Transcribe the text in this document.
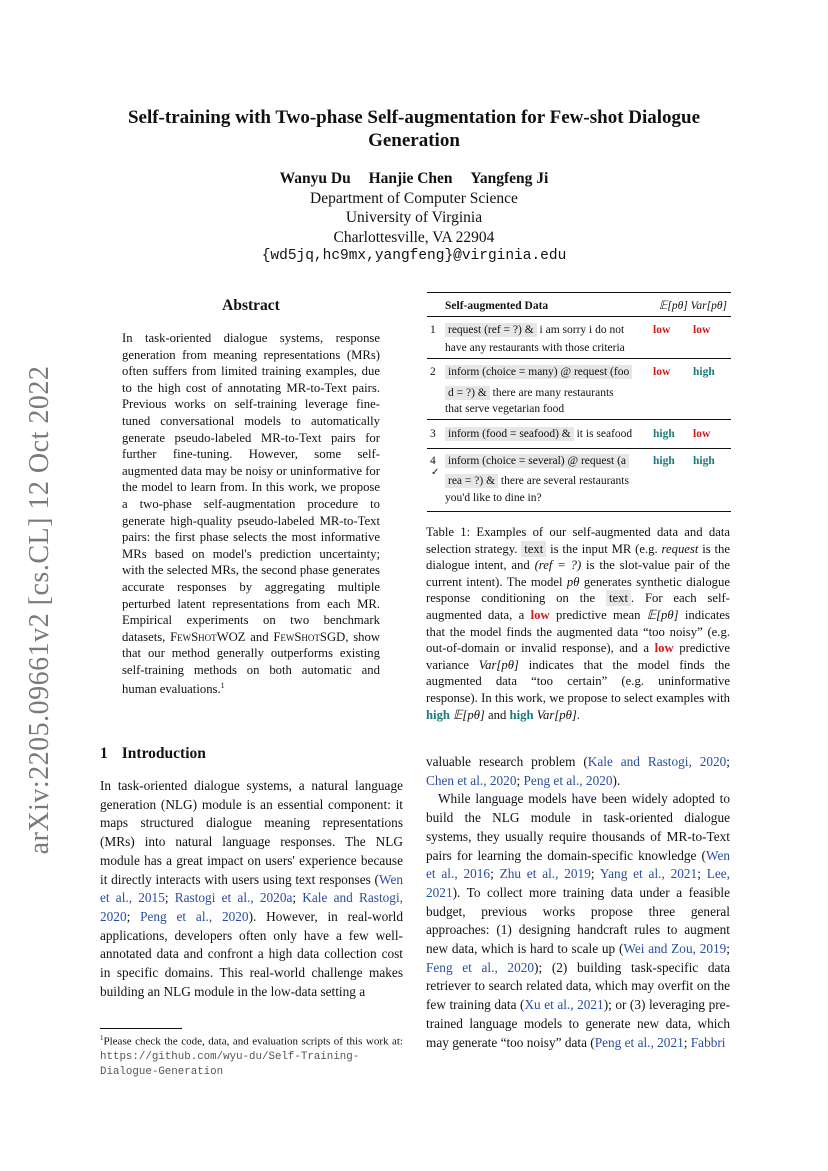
arXiv:2205.09661v2 [cs.CL] 12 Oct 2022
Self-training with Two-phase Self-augmentation for Few-shot Dialogue Generation
Wanyu Du Hanjie Chen Yangfeng Ji
Department of Computer Science
University of Virginia
Charlottesville, VA 22904
{wd5jq,hc9mx,yangfeng}@virginia.edu
Abstract
In task-oriented dialogue systems, response generation from meaning representations (MRs) often suffers from limited training examples, due to the high cost of annotating MR-to-Text pairs. Previous works on self-training leverage fine-tuned conversational models to automatically generate pseudo-labeled MR-to-Text pairs for further fine-tuning. However, some self-augmented data may be noisy or uninformative for the model to learn from. In this work, we propose a two-phase self-augmentation procedure to generate high-quality pseudo-labeled MR-to-Text pairs: the first phase selects the most informative MRs based on model's prediction uncertainty; with the selected MRs, the second phase generates accurate responses by aggregating multiple perturbed latent representations from each MR. Empirical experiments on two benchmark datasets, FewShotWOZ and FewShotSGD, show that our method generally outperforms existing self-training methods on both automatic and human evaluations.$^1$
Self-augmented Data	𝔼[pθ] Var[pθ]
1 request (ref = ?) & i am sorry i do not	low low
have any restaurants with those criteria
2 inform (choice = many) @ request (foo	low high
d = ?) & there are many restaurants
that serve vegetarian food
3 inform (food = seafood) & it is seafood	high low
4
✓
inform (choice = several) @ request (a	high high
rea = ?) & there are several restaurants
you'd like to dine in?
Table 1: Examples of our self-augmented data and data selection strategy. text is the input MR (e.g. request is the dialogue intent, and (ref = ?) is the slot-value pair of the current intent). The model pθ generates synthetic dialogue response conditioning on the text . For each self-augmented data, a low predictive mean 𝔼[pθ] indicates that the model finds the augmented data “too noisy” (e.g. out-of-domain or invalid response), and a low predictive variance Var[pθ] indicates that the model finds the augmented data “too certain” (e.g. uninformative response). In this work, we propose to select examples with high 𝔼[pθ] and high Var[pθ].
1 Introduction

In task-oriented dialogue systems, a natural language generation (NLG) module is an essential component: it maps structured dialogue meaning representations (MRs) into natural language responses. The NLG module has a great impact on users' experience because it directly interacts with users using text responses (Wen et al., 2015; Rastogi et al., 2020a; Kale and Rastogi, 2020; Peng et al., 2020). However, in real-world applications, developers often only have a few well-annotated data and confront a high data collection cost in specific domains. This real-world challenge makes building an NLG module in the low-data setting a

$^1$Please check the code, data, and evaluation scripts of this work at: https://github.com/wyu-du/Self-Training-Dialogue-Generation

valuable research problem (Kale and Rastogi, 2020; Chen et al., 2020; Peng et al., 2020).

While language models have been widely adopted to build the NLG module in task-oriented dialogue systems, they usually require thousands of MR-to-Text pairs for learning the domain-specific knowledge (Wen et al., 2016; Zhu et al., 2019; Yang et al., 2021; Lee, 2021). To collect more training data under a feasible budget, previous works propose three general approaches: (1) designing handcraft rules to augment new data, which is hard to scale up (Wei and Zou, 2019; Feng et al., 2020); (2) building task-specific data retriever to search related data, which may overfit on the few training data (Xu et al., 2021); or (3) leveraging pre-trained language models to generate new data, which may generate “too noisy” data (Peng et al., 2021; Fabbri
